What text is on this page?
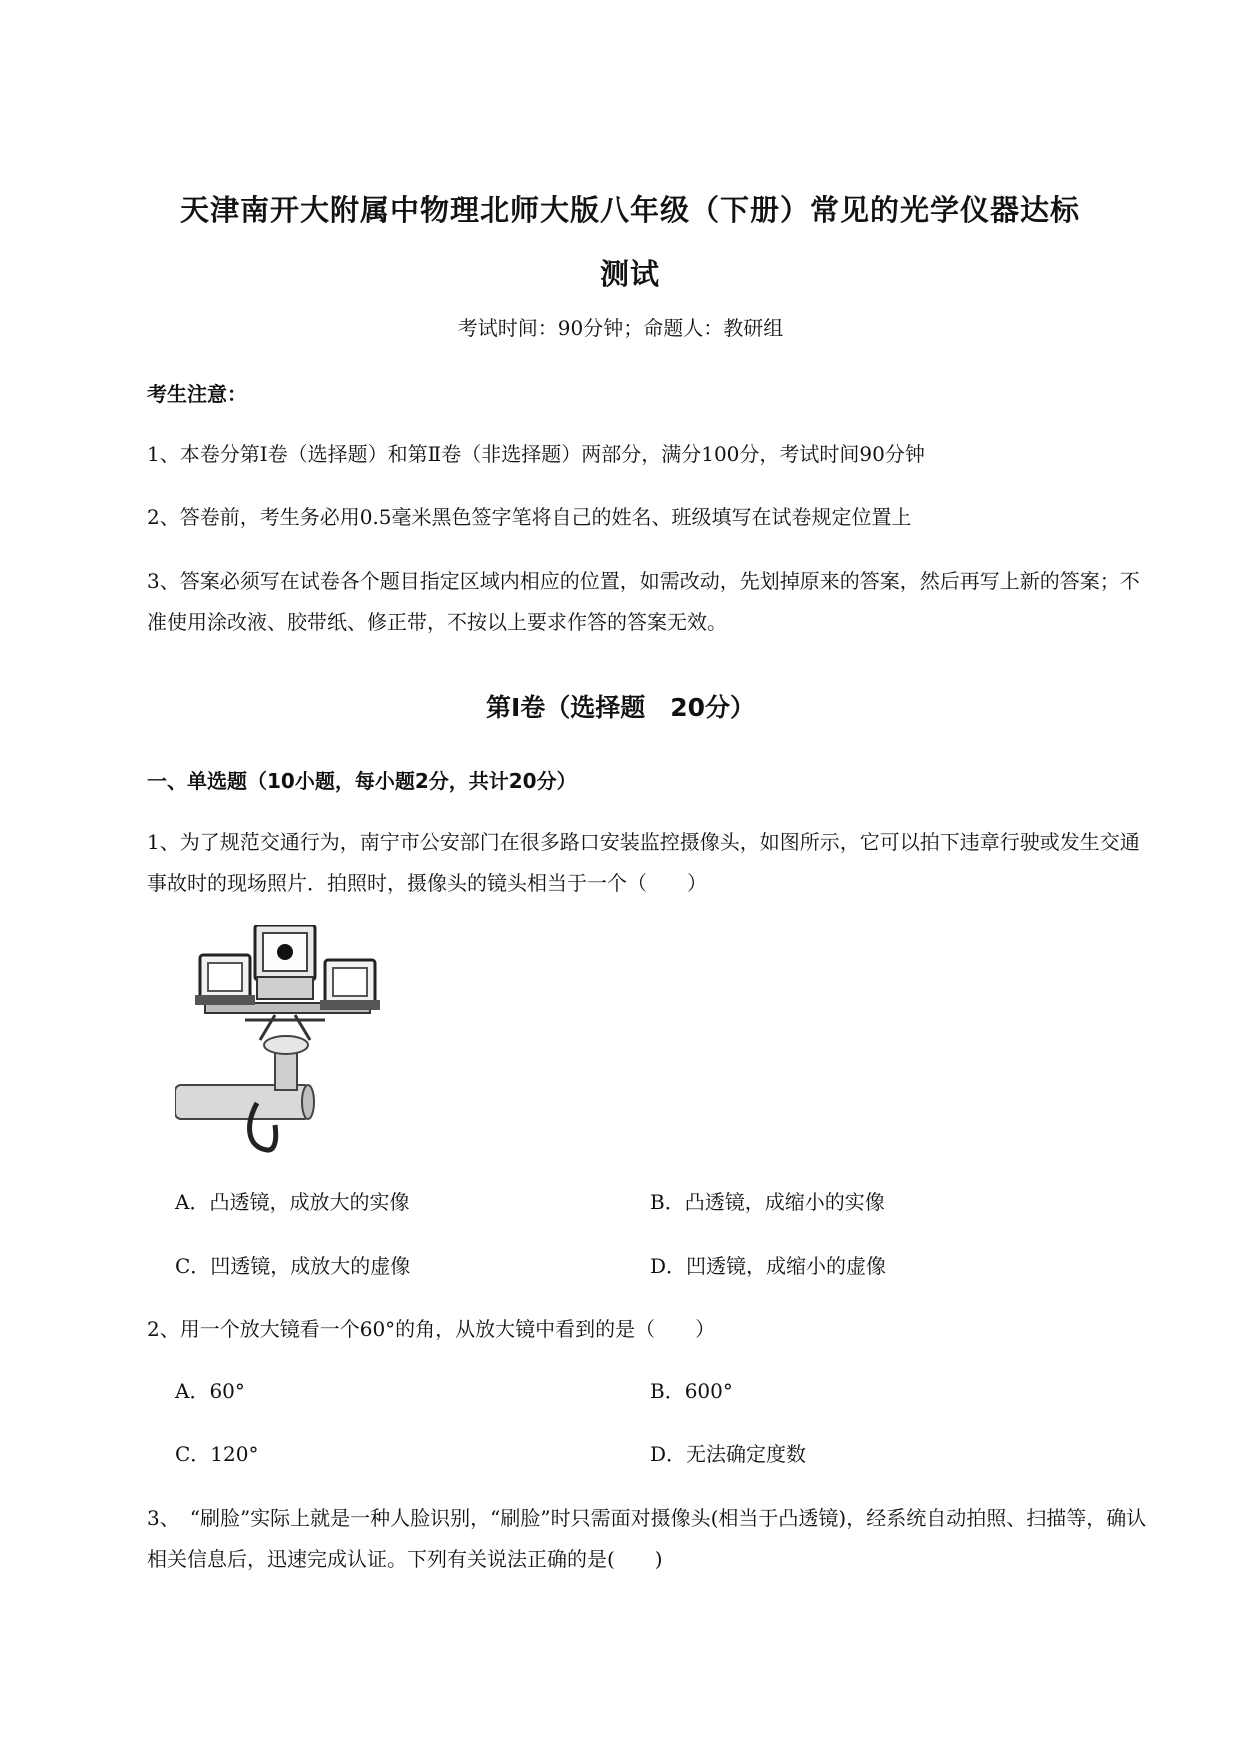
天津南开大附属中物理北师大版八年级（下册）常见的光学仪器达标
测试
考试时间：90分钟；命题人：教研组
考生注意：
1、本卷分第I卷（选择题）和第Ⅱ卷（非选择题）两部分，满分100分，考试时间90分钟
2、答卷前，考生务必用0.5毫米黑色签字笔将自己的姓名、班级填写在试卷规定位置上
3、答案必须写在试卷各个题目指定区域内相应的位置，如需改动，先划掉原来的答案，然后再写上新的答案；不准使用涂改液、胶带纸、修正带，不按以上要求作答的答案无效。
第I卷（选择题　20分）
一、单选题（10小题，每小题2分，共计20分）
1、为了规范交通行为，南宁市公安部门在很多路口安装监控摄像头，如图所示，它可以拍下违章行驶或发生交通事故时的现场照片．拍照时，摄像头的镜头相当于一个（　　）
A．凸透镜，成放大的实像	B．凸透镜，成缩小的实像
C．凹透镜，成放大的虚像	D．凹透镜，成缩小的虚像
2、用一个放大镜看一个60°的角，从放大镜中看到的是（　　）
A．60°	B．600°
C．120°	D．无法确定度数
3、　“刷脸”实际上就是一种人脸识别，“刷脸”时只需面对摄像头(相当于凸透镜)，经系统自动拍照、扫描等，确认相关信息后，迅速完成认证。下列有关说法正确的是(　　)
